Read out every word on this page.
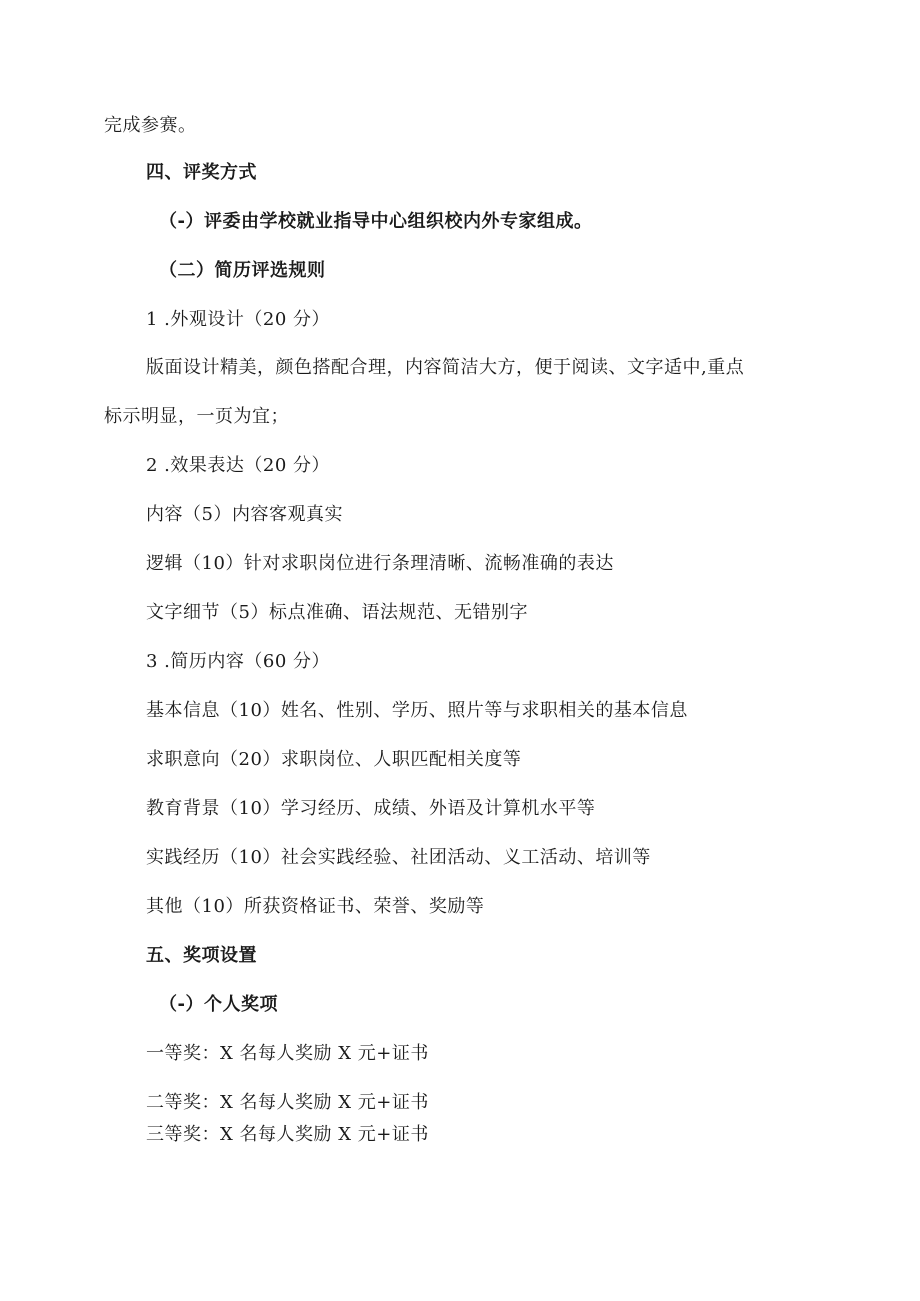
完成参赛。
四、评奖方式
（-）评委由学校就业指导中心组织校内外专家组成。
（二）简历评选规则
1 .外观设计（20 分）
版面设计精美，颜色搭配合理，内容简洁大方，便于阅读、文字适中,重点
标示明显，一页为宜；
2 .效果表达（20 分）
内容（5）内容客观真实
逻辑（10）针对求职岗位进行条理清晰、流畅准确的表达
文字细节（5）标点准确、语法规范、无错别字
3 .简历内容（60 分）
基本信息（10）姓名、性别、学历、照片等与求职相关的基本信息
求职意向（20）求职岗位、人职匹配相关度等
教育背景（10）学习经历、成绩、外语及计算机水平等
实践经历（10）社会实践经验、社团活动、义工活动、培训等
其他（10）所获资格证书、荣誉、奖励等
五、奖项设置
（-）个人奖项
一等奖：X 名每人奖励 X 元+证书
二等奖：X 名每人奖励 X 元+证书
三等奖：X 名每人奖励 X 元+证书
